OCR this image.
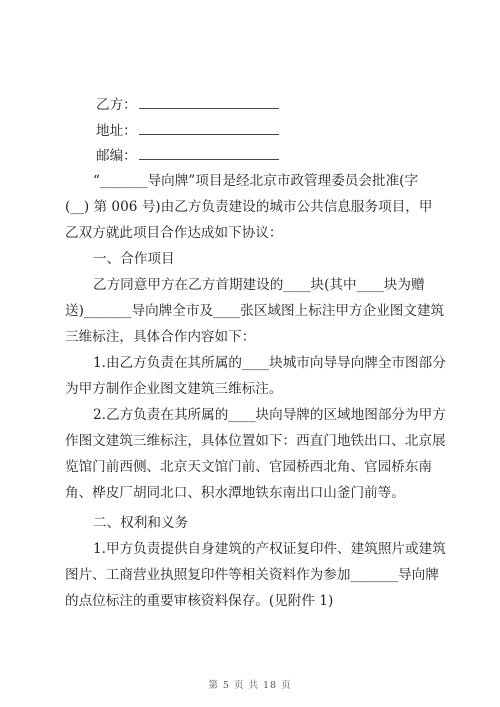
乙方：
地址：
邮编：
“_______导向牌”项目是经北京市政管理委员会批准(字
(__) 第 006 号)由乙方负责建设的城市公共信息服务项目，甲
乙双方就此项目合作达成如下协议：
一、合作项目
乙方同意甲方在乙方首期建设的____块(其中____块为赠
送)_______导向牌全市及____张区域图上标注甲方企业图文建筑
三维标注，具体合作内容如下：
1.由乙方负责在其所属的____块城市向导导向牌全市图部分
为甲方制作企业图文建筑三维标注。
2.乙方负责在其所属的____块向导牌的区域地图部分为甲方
作图文建筑三维标注，具体位置如下：西直门地铁出口、北京展
览馆门前西侧、北京天文馆门前、官园桥西北角、官园桥东南
角、桦皮厂胡同北口、积水潭地铁东南出口山釜门前等。
二、权利和义务
1.甲方负责提供自身建筑的产权证复印件、建筑照片或建筑
图片、工商营业执照复印件等相关资料作为参加_______导向牌
的点位标注的重要审核资料保存。(见附件 1)
第 5 页 共 18 页
